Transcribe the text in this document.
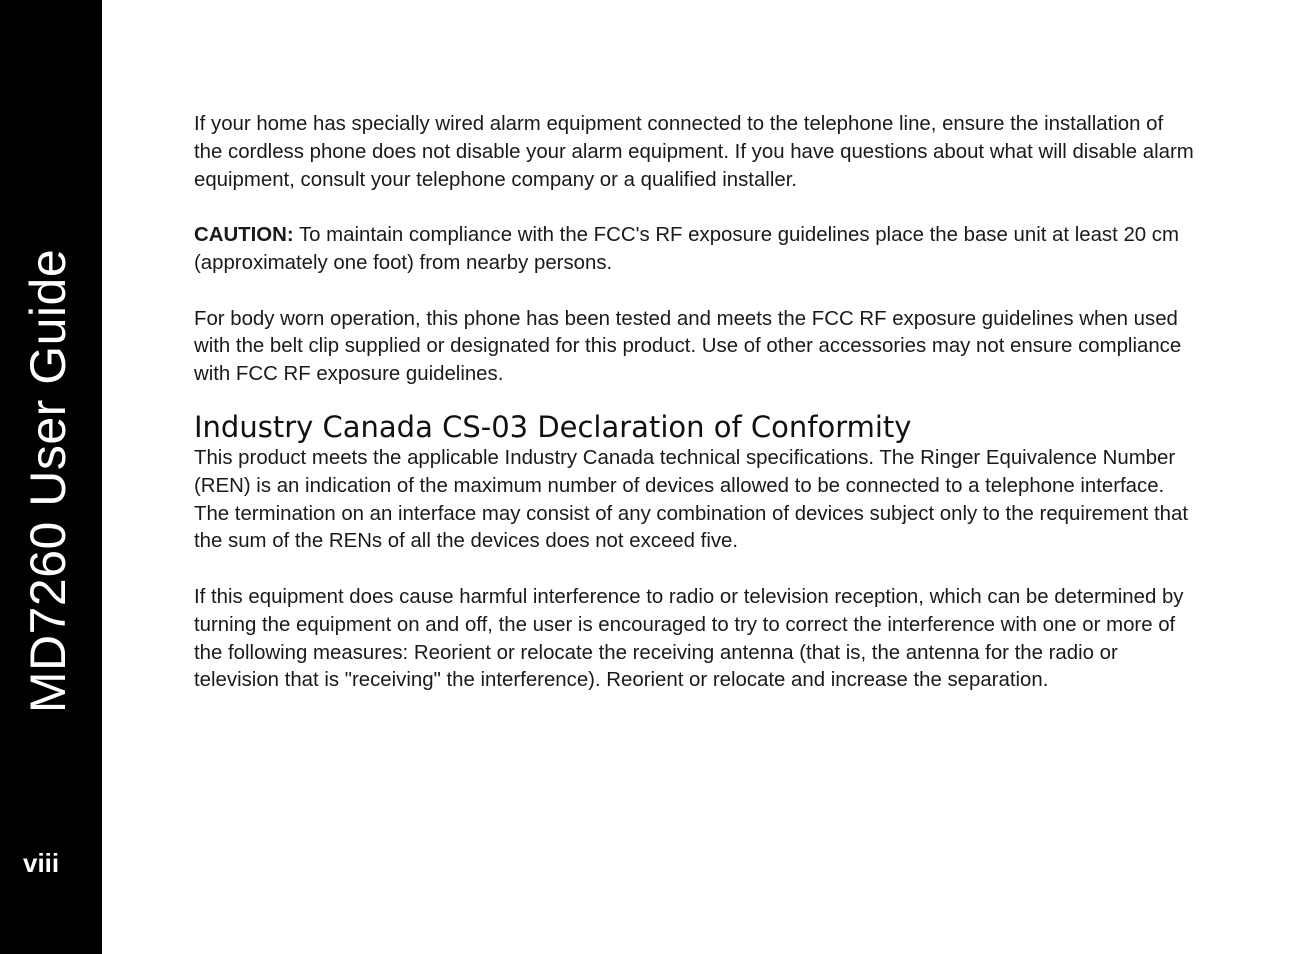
MD7260 User Guide
viii

If your home has specially wired alarm equipment connected to the telephone line, ensure the installation of the cordless phone does not disable your alarm equipment. If you have questions about what will disable alarm equipment, consult your telephone company or a qualified installer.

CAUTION: To maintain compliance with the FCC's RF exposure guidelines place the base unit at least 20 cm (approximately one foot) from nearby persons.

For body worn operation, this phone has been tested and meets the FCC RF exposure guidelines when used with the belt clip supplied or designated for this product. Use of other accessories may not ensure compliance with FCC RF exposure guidelines.

Industry Canada CS-03 Declaration of Conformity

This product meets the applicable Industry Canada technical specifications. The Ringer Equivalence Number (REN) is an indication of the maximum number of devices allowed to be connected to a telephone interface. The termination on an interface may consist of any combination of devices subject only to the requirement that the sum of the RENs of all the devices does not exceed five.

If this equipment does cause harmful interference to radio or television reception, which can be determined by turning the equipment on and off, the user is encouraged to try to correct the interference with one or more of the following measures: Reorient or relocate the receiving antenna (that is, the antenna for the radio or television that is "receiving" the interference). Reorient or relocate and increase the separation.
